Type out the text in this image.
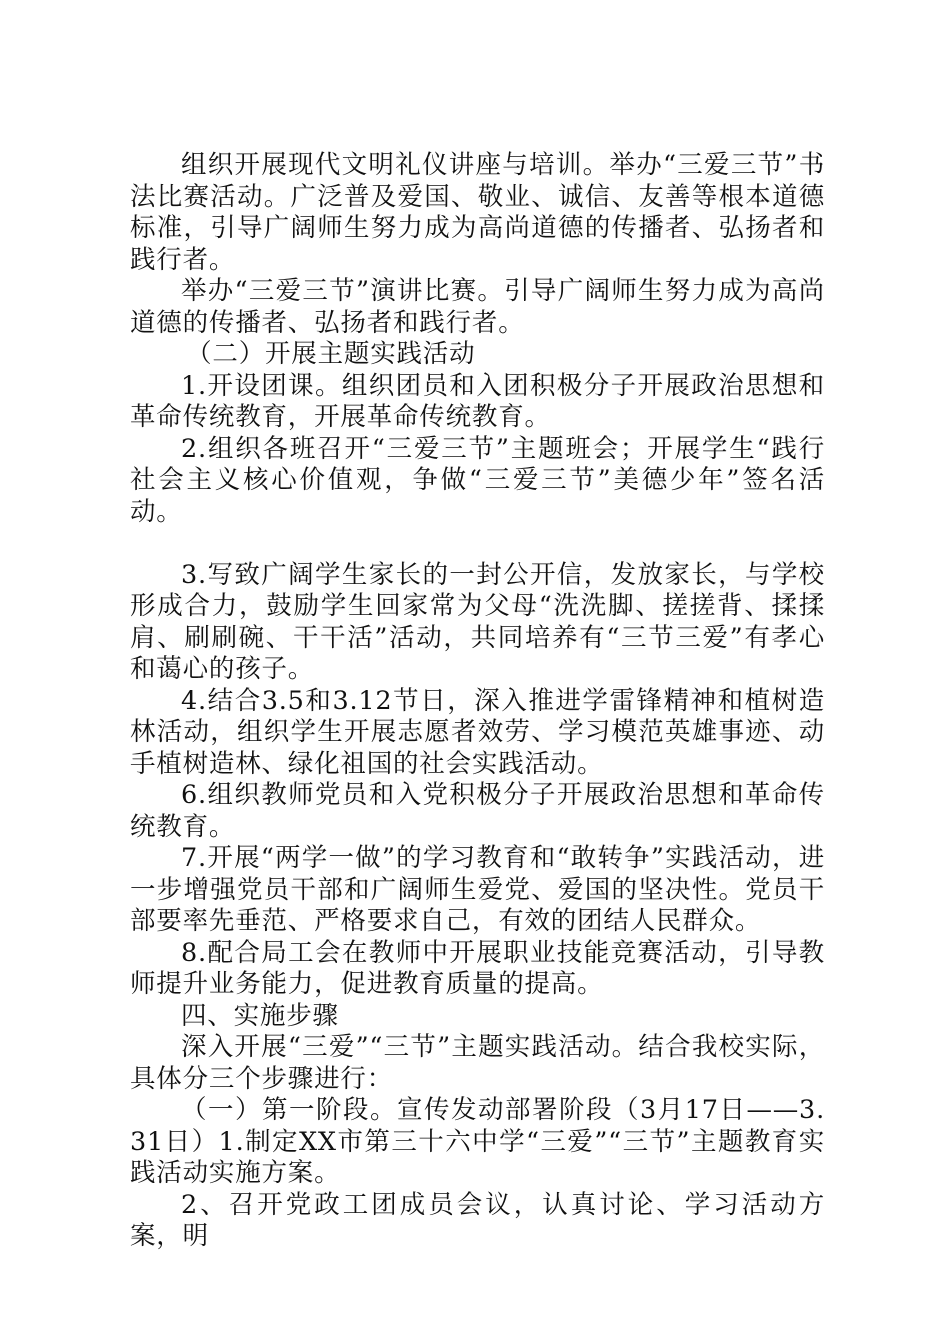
组织开展现代文明礼仪讲座与培训。举办“三爱三节”书法比赛活动。广泛普及爱国、敬业、诚信、友善等根本道德标准，引导广阔师生努力成为高尚道德的传播者、弘扬者和践行者。

举办“三爱三节”演讲比赛。引导广阔师生努力成为高尚道德的传播者、弘扬者和践行者。

（二）开展主题实践活动

1.开设团课。组织团员和入团积极分子开展政治思想和革命传统教育，开展革命传统教育。

2.组织各班召开“三爱三节”主题班会；开展学生“践行社会主义核心价值观，争做“三爱三节”美德少年”签名活动。

3.写致广阔学生家长的一封公开信，发放家长，与学校形成合力，鼓励学生回家常为父母“洗洗脚、搓搓背、揉揉肩、刷刷碗、干干活”活动，共同培养有“三节三爱”有孝心和蔼心的孩子。

4.结合3.5和3.12节日，深入推进学雷锋精神和植树造林活动，组织学生开展志愿者效劳、学习模范英雄事迹、动手植树造林、绿化祖国的社会实践活动。

6.组织教师党员和入党积极分子开展政治思想和革命传统教育。

7.开展“两学一做”的学习教育和“敢转争”实践活动，进一步增强党员干部和广阔师生爱党、爱国的坚决性。党员干部要率先垂范、严格要求自己，有效的团结人民群众。

8.配合局工会在教师中开展职业技能竞赛活动，引导教师提升业务能力，促进教育质量的提高。

四、实施步骤

深入开展“三爱”“三节”主题实践活动。结合我校实际，具体分三个步骤进行：

（一）第一阶段。宣传发动部署阶段（3月17日——3.31日）1.制定XX市第三十六中学“三爱”“三节”主题教育实践活动实施方案。

2、召开党政工团成员会议，认真讨论、学习活动方案，明
